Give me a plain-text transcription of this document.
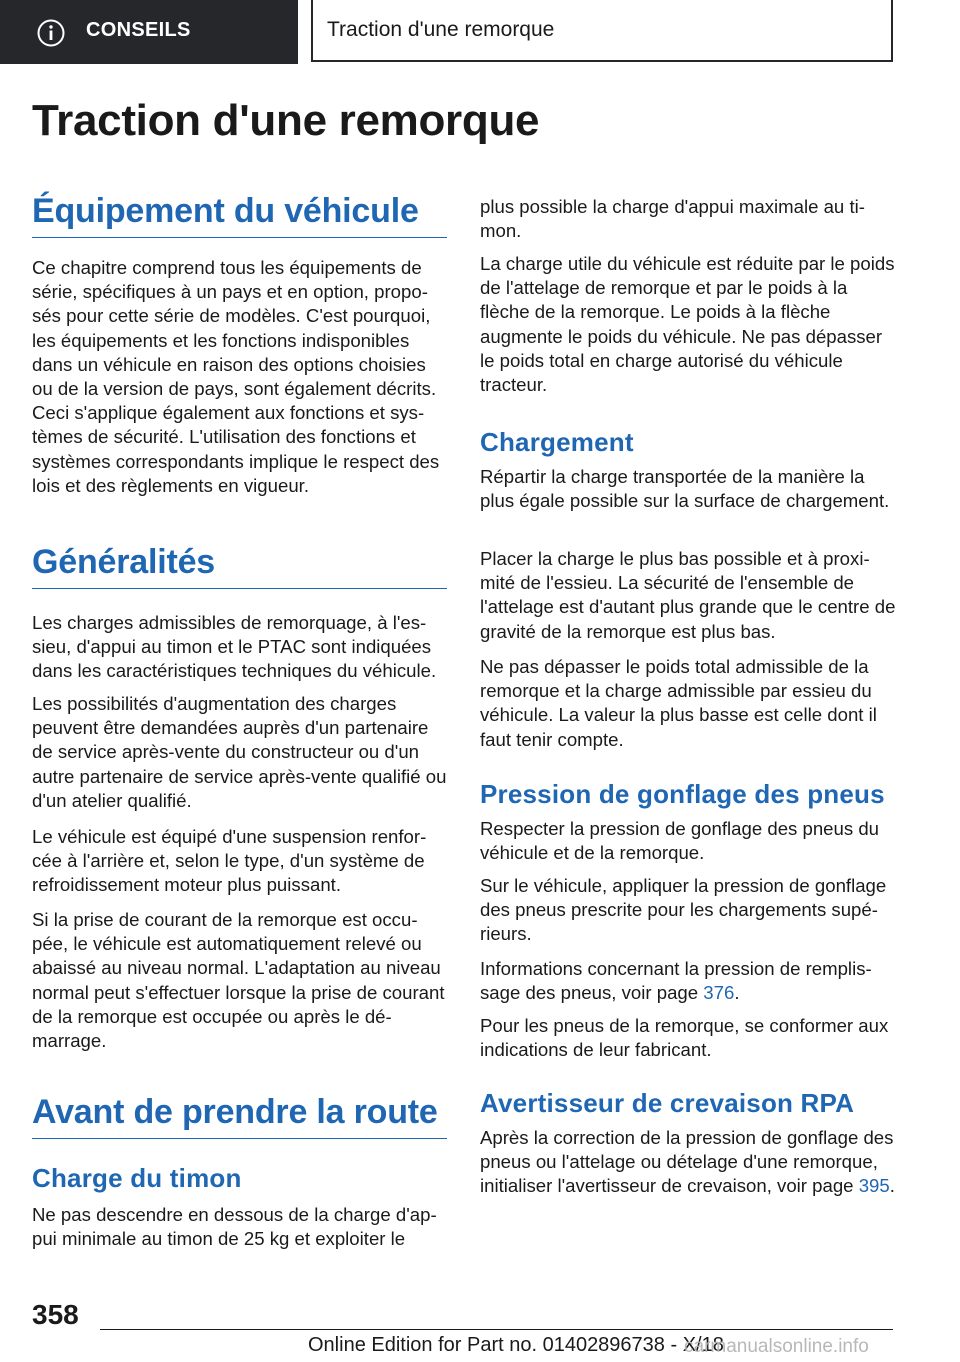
CONSEILS	Traction d'une remorque
Traction d'une remorque
Équipement du véhicule

Ce chapitre comprend tous les équipements de série, spécifiques à un pays et en option, proposés pour cette série de modèles. C'est pourquoi, les équipements et les fonctions indisponibles dans un véhicule en raison des options choisies ou de la version de pays, sont également décrits. Ceci s'applique également aux fonctions et systèmes de sécurité. L'utilisation des fonctions et systèmes correspondants implique le respect des lois et des règlements en vigueur.

Généralités

Les charges admissibles de remorquage, à l'essieu, d'appui au timon et le PTAC sont indiquées dans les caractéristiques techniques du véhicule.

Les possibilités d'augmentation des charges peuvent être demandées auprès d'un partenaire de service après-vente du constructeur ou d'un autre partenaire de service après-vente qualifié ou d'un atelier qualifié.

Le véhicule est équipé d'une suspension renforcée à l'arrière et, selon le type, d'un système de refroidissement moteur plus puissant.

Si la prise de courant de la remorque est occupée, le véhicule est automatiquement relevé ou abaissé au niveau normal. L'adaptation au niveau normal peut s'effectuer lorsque la prise de courant de la remorque est occupée ou après le démarrage.

Avant de prendre la route
Charge du timon

Ne pas descendre en dessous de la charge d'appui minimale au timon de 25 kg et exploiter le

plus possible la charge d'appui maximale au timon.

La charge utile du véhicule est réduite par le poids de l'attelage de remorque et par le poids à la flèche de la remorque. Le poids à la flèche augmente le poids du véhicule. Ne pas dépasser le poids total en charge autorisé du véhicule tracteur.

Chargement

Répartir la charge transportée de la manière la plus égale possible sur la surface de chargement.

Placer la charge le plus bas possible et à proximité de l'essieu. La sécurité de l'ensemble de l'attelage est d'autant plus grande que le centre de gravité de la remorque est plus bas.

Ne pas dépasser le poids total admissible de la remorque et la charge admissible par essieu du véhicule. La valeur la plus basse est celle dont il faut tenir compte.

Pression de gonflage des pneus

Respecter la pression de gonflage des pneus du véhicule et de la remorque.

Sur le véhicule, appliquer la pression de gonflage des pneus prescrite pour les chargements supérieurs.

Informations concernant la pression de remplissage des pneus, voir page 376.

Pour les pneus de la remorque, se conformer aux indications de leur fabricant.

Avertisseur de crevaison RPA

Après la correction de la pression de gonflage des pneus ou l'attelage ou dételage d'une remorque, initialiser l'avertisseur de crevaison, voir page 395.

358
Online Edition for Part no. 01402896738 - X/18
carmanualsonline.info
